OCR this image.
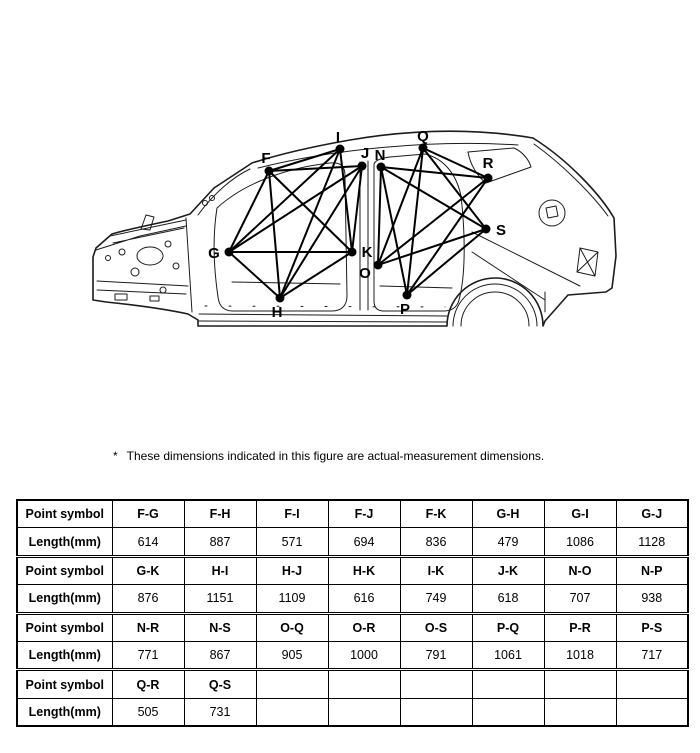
F
G
H
I
J
K
N
O
P
Q
R
S
* These dimensions indicated in this figure are actual-measurement dimensions.
Point symbol	F-G	F-H	F-I	F-J	F-K	G-H	G-I	G-J
Length(mm)	614	887	571	694	836	479	1086	1128
Point symbol	G-K	H-I	H-J	H-K	I-K	J-K	N-O	N-P
Length(mm)	876	1151	1109	616	749	618	707	938
Point symbol	N-R	N-S	O-Q	O-R	O-S	P-Q	P-R	P-S
Length(mm)	771	867	905	1000	791	1061	1018	717
Point symbol	Q-R	Q-S						
Length(mm)	505	731						
